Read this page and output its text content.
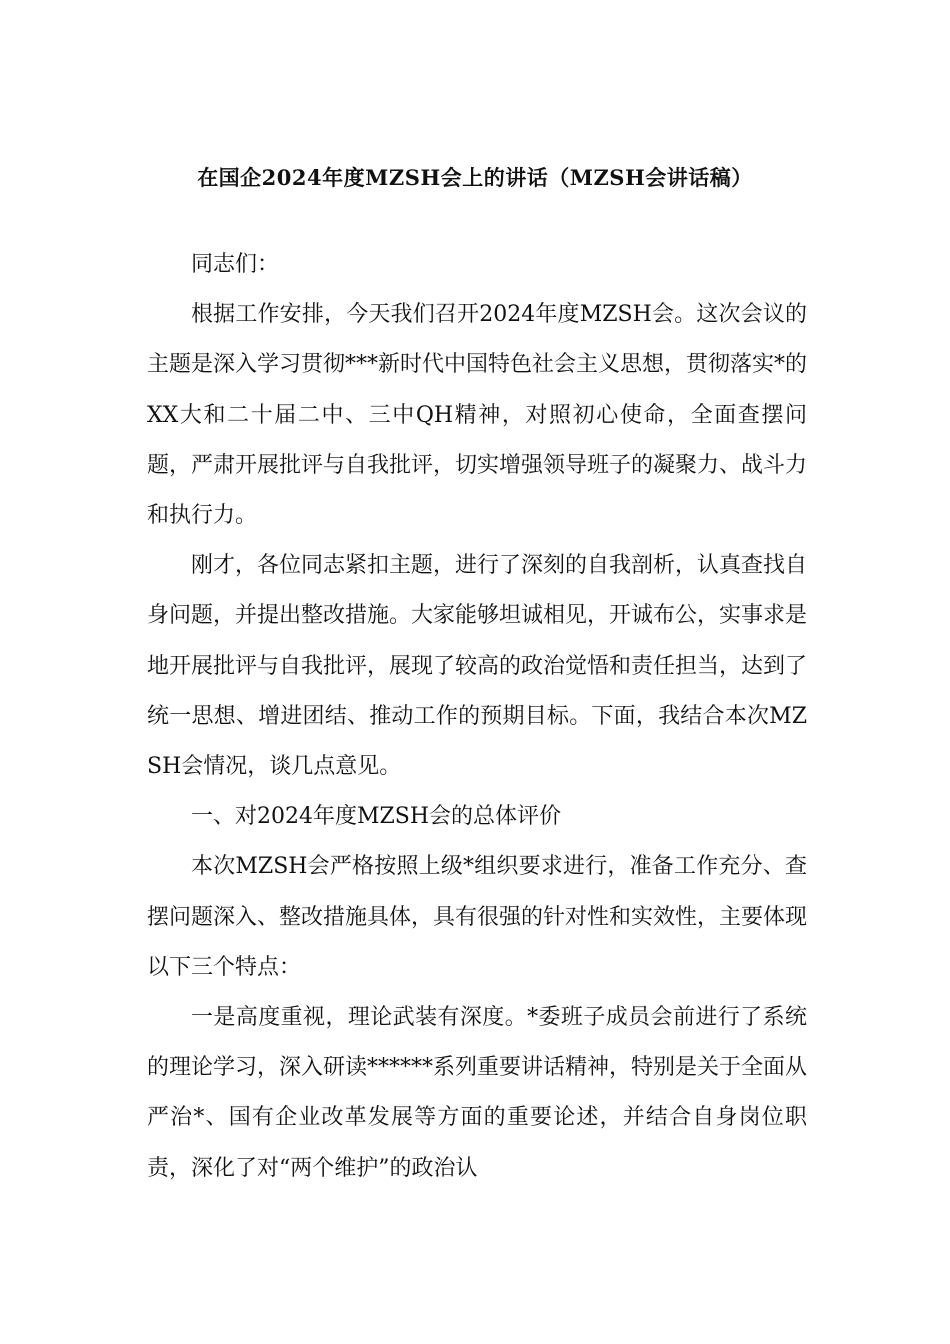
在国企2024年度MZSH会上的讲话（MZSH会讲话稿）

同志们：

根据工作安排，今天我们召开2024年度MZSH会。这次会议的主题是深入学习贯彻***新时代中国特色社会主义思想，贯彻落实*的XX大和二十届二中、三中QH精神，对照初心使命，全面查摆问题，严肃开展批评与自我批评，切实增强领导班子的凝聚力、战斗力和执行力。

刚才，各位同志紧扣主题，进行了深刻的自我剖析，认真查找自身问题，并提出整改措施。大家能够坦诚相见，开诚布公，实事求是地开展批评与自我批评，展现了较高的政治觉悟和责任担当，达到了统一思想、增进团结、推动工作的预期目标。下面，我结合本次MZSH会情况，谈几点意见。

一、对2024年度MZSH会的总体评价

本次MZSH会严格按照上级*组织要求进行，准备工作充分、查摆问题深入、整改措施具体，具有很强的针对性和实效性，主要体现以下三个特点：

一是高度重视，理论武装有深度。*委班子成员会前进行了系统的理论学习，深入研读******系列重要讲话精神，特别是关于全面从严治*、国有企业改革发展等方面的重要论述，并结合自身岗位职责，深化了对“两个维护”的政治认
